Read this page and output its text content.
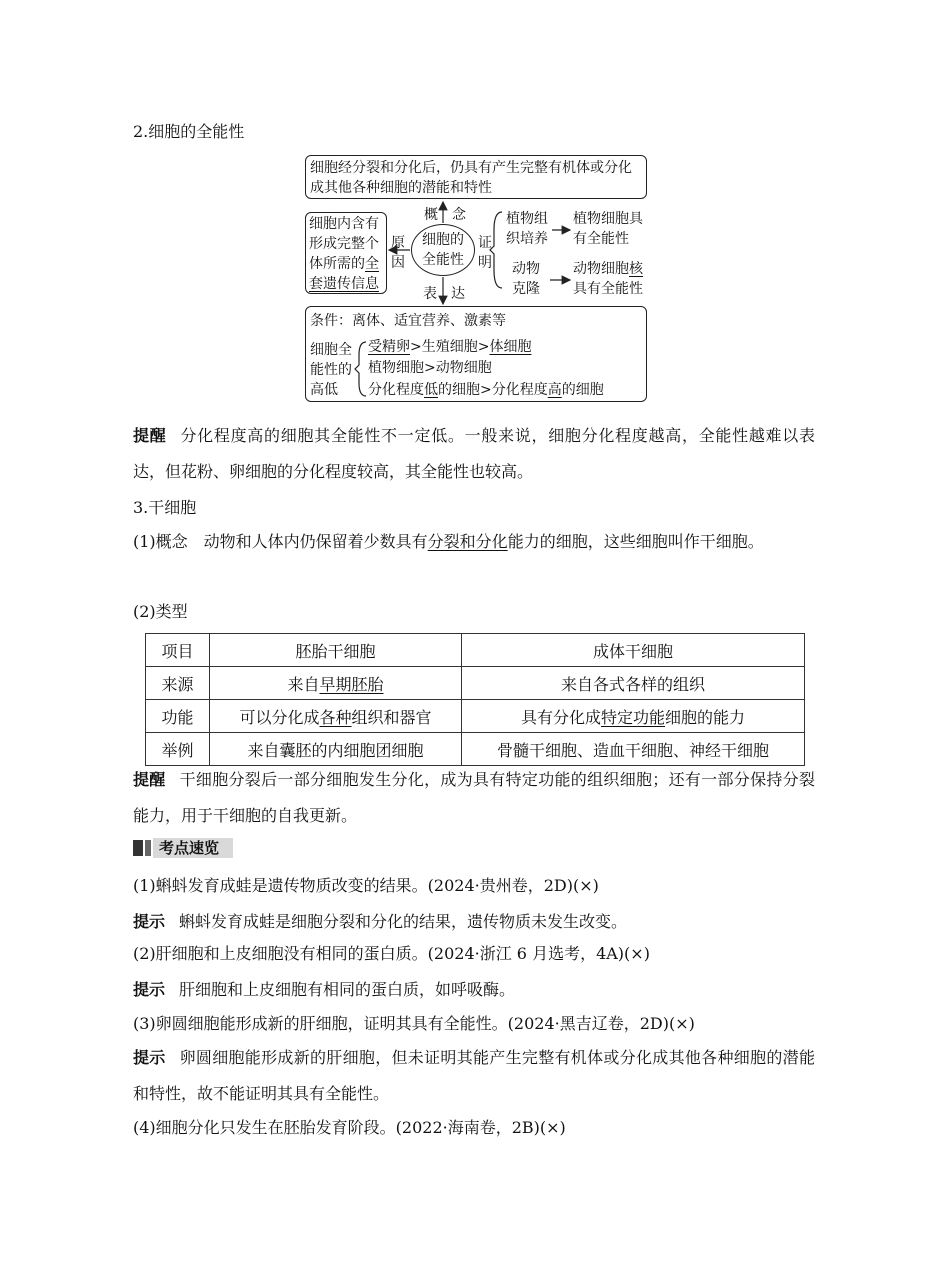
2.细胞的全能性
细胞经分裂和分化后，仍具有产生完整有机体或分化成其他各种细胞的潜能和特性
概　念
细胞内含有形成完整个体所需的全套遗传信息
原
因
细胞的全能性
证
明
植物组织培养
植物细胞具有全能性
动物克隆
动物细胞核具有全能性
表　达
条件：离体、适宜营养、激素等
细胞全能性的高低
受精卵>生殖细胞>体细胞
植物细胞>动物细胞
分化程度低的细胞>分化程度高的细胞
提醒 分化程度高的细胞其全能性不一定低。一般来说，细胞分化程度越高，全能性越难以表达，但花粉、卵细胞的分化程度较高，其全能性也较高。
3.干细胞
(1)概念　动物和人体内仍保留着少数具有分裂和分化能力的细胞，这些细胞叫作干细胞。
(2)类型
项目	胚胎干细胞	成体干细胞
来源	来自早期胚胎	来自各式各样的组织
功能	可以分化成各种组织和器官	具有分化成特定功能细胞的能力
举例	来自囊胚的内细胞团细胞	骨髓干细胞、造血干细胞、神经干细胞
提醒 干细胞分裂后一部分细胞发生分化，成为具有特定功能的组织细胞；还有一部分保持分裂能力，用于干细胞的自我更新。
考点速览
(1)蝌蚪发育成蛙是遗传物质改变的结果。(2024·贵州卷，2D)(×)
提示 蝌蚪发育成蛙是细胞分裂和分化的结果，遗传物质未发生改变。
(2)肝细胞和上皮细胞没有相同的蛋白质。(2024·浙江 6 月选考，4A)(×)
提示 肝细胞和上皮细胞有相同的蛋白质，如呼吸酶。
(3)卵圆细胞能形成新的肝细胞，证明其具有全能性。(2024·黑吉辽卷，2D)(×)
提示 卵圆细胞能形成新的肝细胞，但未证明其能产生完整有机体或分化成其他各种细胞的潜能和特性，故不能证明其具有全能性。
(4)细胞分化只发生在胚胎发育阶段。(2022·海南卷，2B)(×)
